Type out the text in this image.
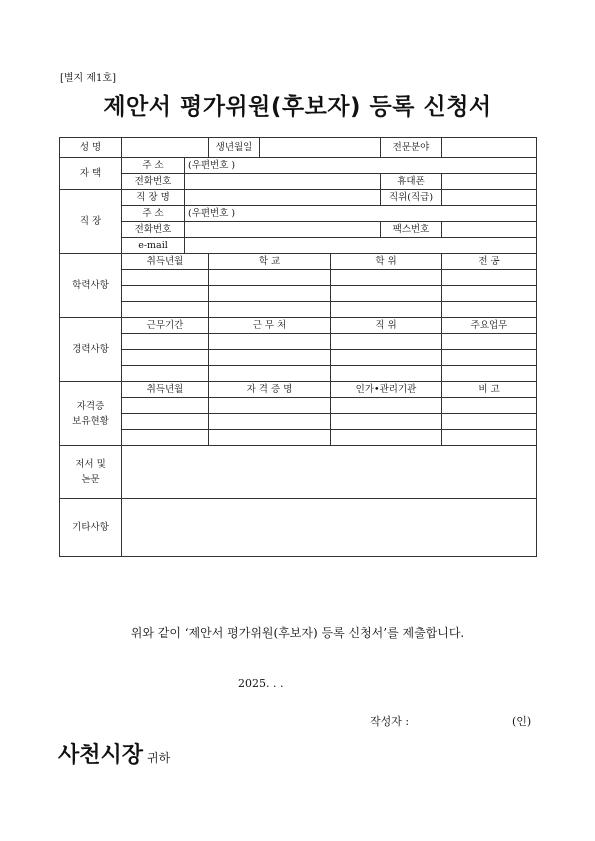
[별지 제1호]
제안서 평가위원(후보자) 등록 신청서
성 명			생년월일			전문분야	
자 택	주 소	(우편번호 )					
	전화번호					휴대폰	
직 장	직 장 명					직위(직급)	
	주 소	(우편번호 )					
	전화번호					팩스번호	
	e-mail						
학력사항	취득년월		학 교		학 위		전 공

경력사항	근무기간		근 무 처		직 위		주요업무

자격증
보유현황	취득년월		자 격 증 명		인가•관리기관		비 고

저서 및
논문							
기타사항							
위와 같이 ‘제안서 평가위원(후보자) 등록 신청서’를 제출합니다.
2025. . .
작성자 :	(인)
사천시장 귀하
